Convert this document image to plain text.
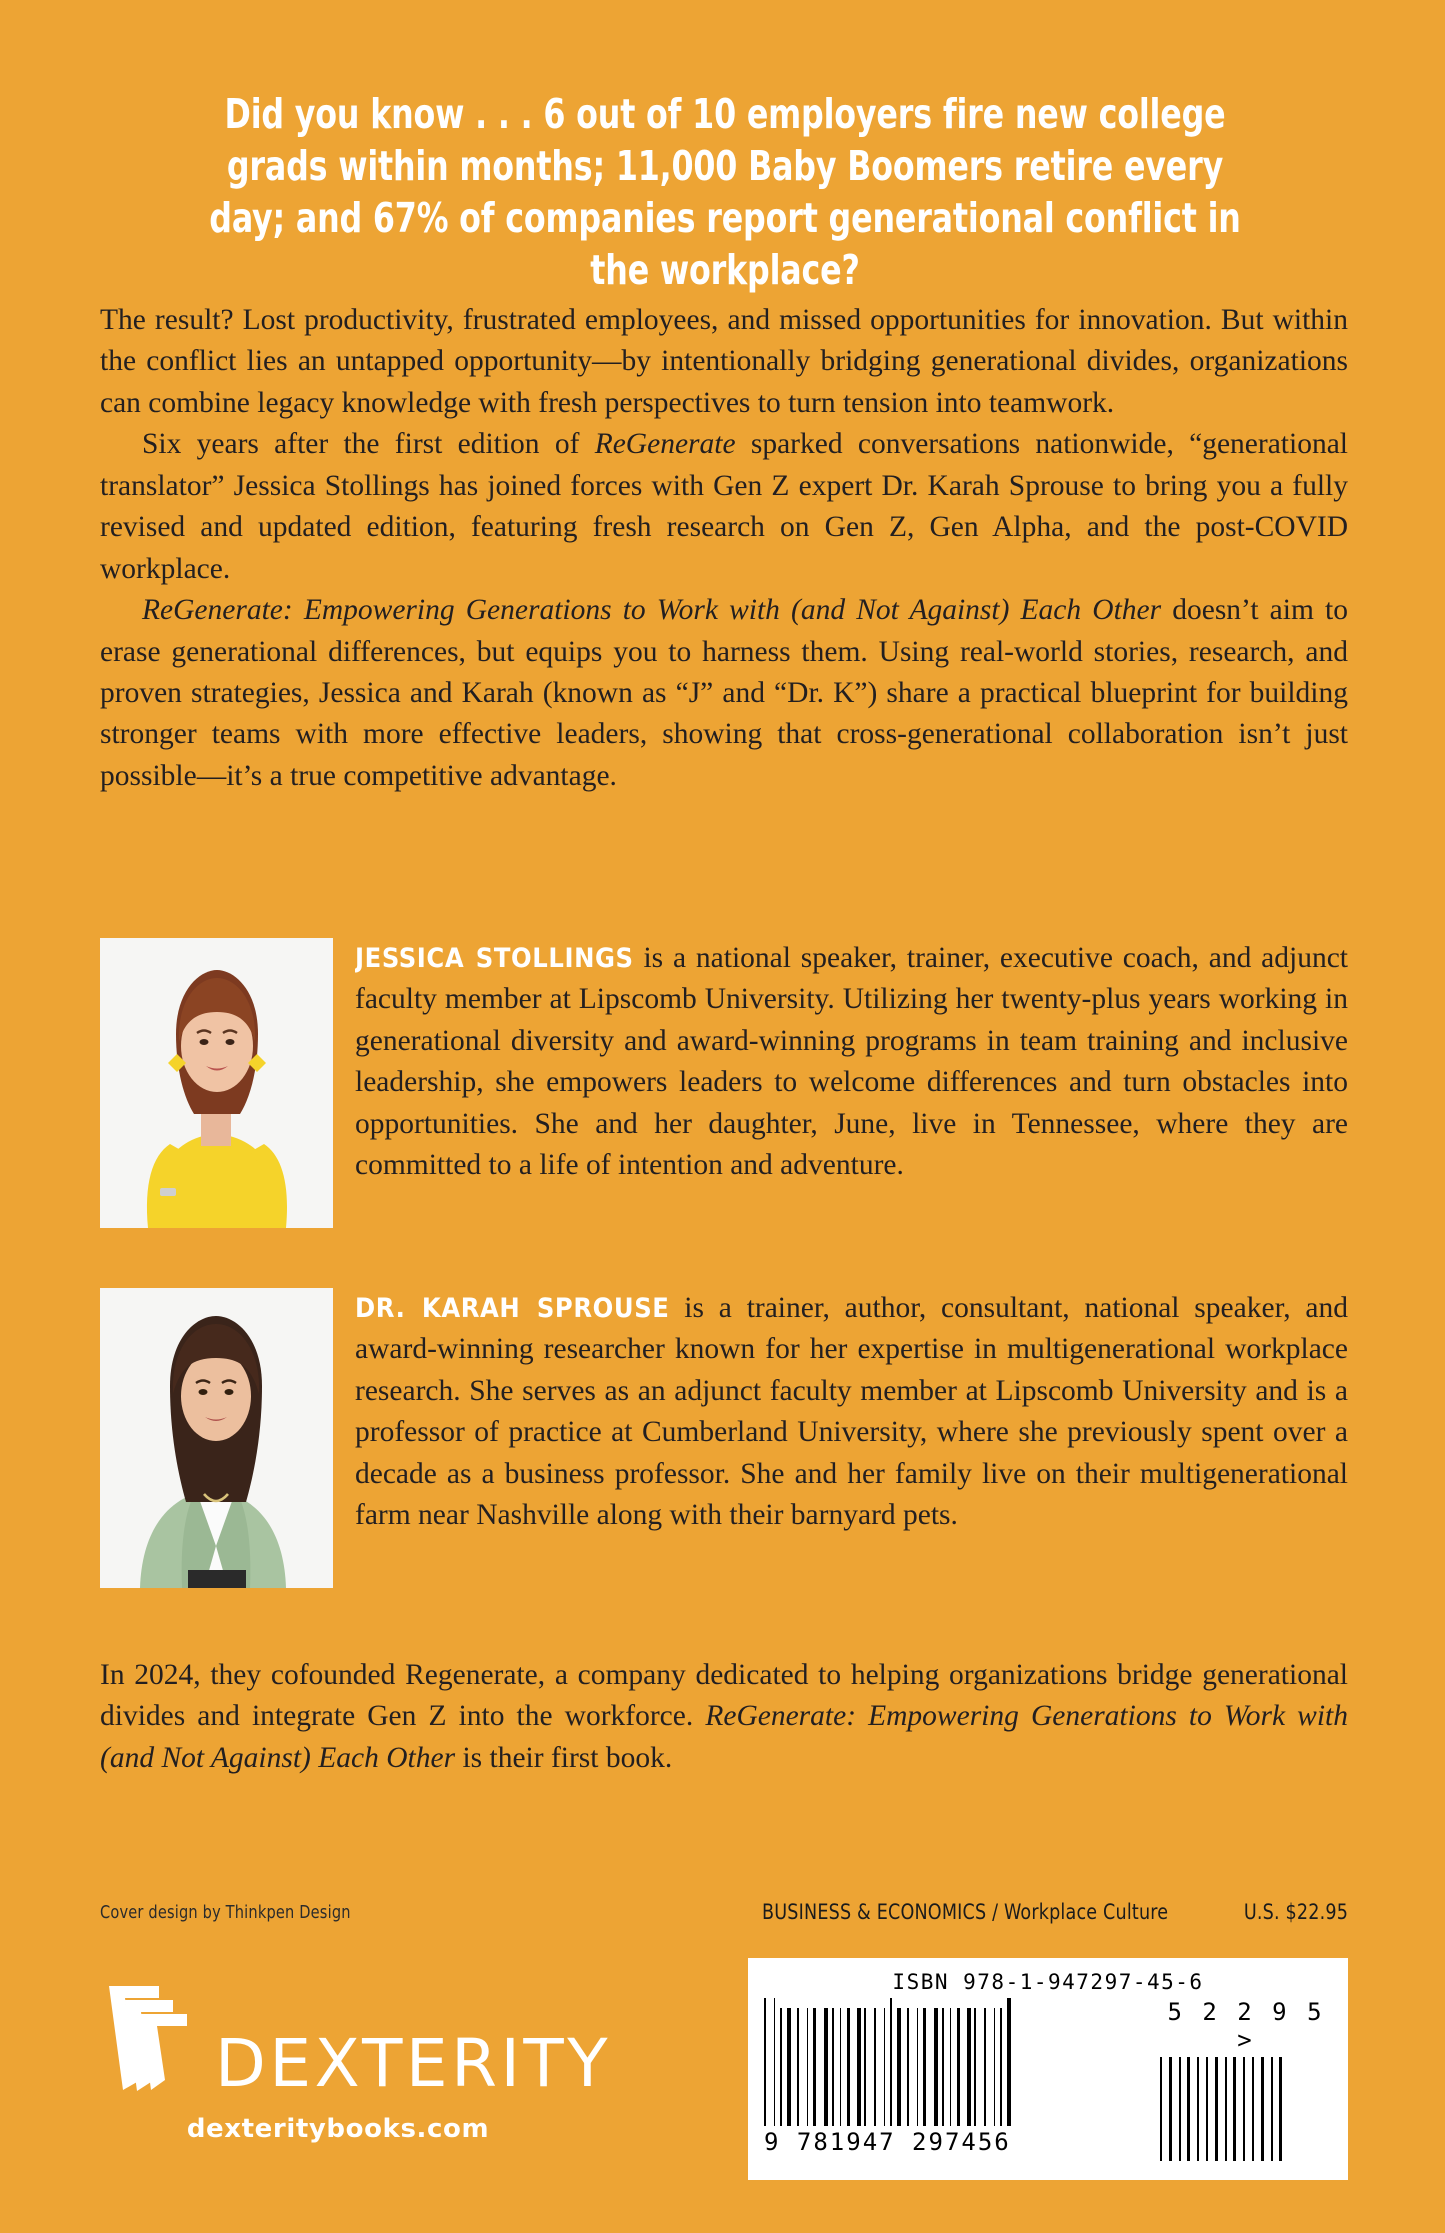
Did you know . . . 6 out of 10 employers fire new college grads within months; 11,000 Baby Boomers retire every day; and 67% of companies report generational conflict in the workplace?

The result? Lost productivity, frustrated employees, and missed opportunities for innovation. But within the conflict lies an untapped opportunity—by intentionally bridging generational divides, organizations can combine legacy knowledge with fresh perspectives to turn tension into teamwork.

Six years after the first edition of ReGenerate sparked conversations nationwide, “generational translator” Jessica Stollings has joined forces with Gen Z expert Dr. Karah Sprouse to bring you a fully revised and updated edition, featuring fresh research on Gen Z, Gen Alpha, and the post-COVID workplace.

ReGenerate: Empowering Generations to Work with (and Not Against) Each Other doesn’t aim to erase generational differences, but equips you to harness them. Using real-world stories, research, and proven strategies, Jessica and Karah (known as “J” and “Dr. K”) share a practical blueprint for building stronger teams with more effective leaders, showing that cross-generational collaboration isn’t just possible—it’s a true competitive advantage.

JESSICA STOLLINGS is a national speaker, trainer, executive coach, and adjunct faculty member at Lipscomb University. Utilizing her twenty-plus years working in generational diversity and award-winning programs in team training and inclusive leadership, she empowers leaders to welcome differences and turn obstacles into opportunities. She and her daughter, June, live in Tennessee, where they are committed to a life of intention and adventure.
DR. KARAH SPROUSE is a trainer, author, consultant, national speaker, and award-winning researcher known for her expertise in multigenerational workplace research. She serves as an adjunct faculty member at Lipscomb University and is a professor of practice at Cumberland University, where she previously spent over a decade as a business professor. She and her family live on their multigenerational farm near Nashville along with their barnyard pets.

In 2024, they cofounded Regenerate, a company dedicated to helping organizations bridge generational divides and integrate Gen Z into the workforce. ReGenerate: Empowering Generations to Work with (and Not Against) Each Other is their first book.

Cover design by Thinkpen Design	BUSINESS & ECONOMICS / Workplace Culture	U.S. $22.95
DEXTERITY
dexteritybooks.com
ISBN 978-1-947297-45-6
9 781947 297456
5 2 2 9 5 >
